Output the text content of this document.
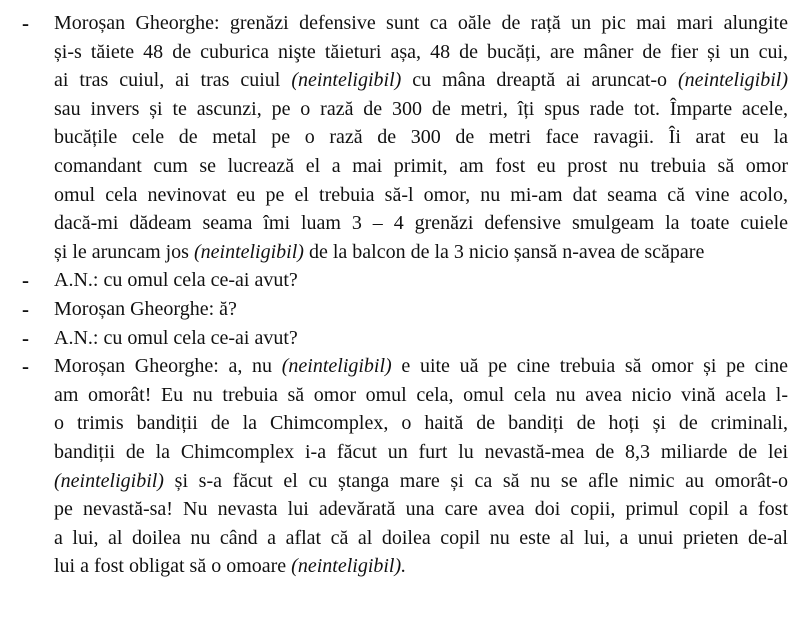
-	Moroșan Gheorghe: grenăzi defensive sunt ca oăle de rață un pic mai mari alungite
și-s tăiete 48 de cuburica nişte tăieturi așa, 48 de bucăți, are mâner de fier și un cui,
ai tras cuiul, ai tras cuiul (neinteligibil) cu mâna dreaptă ai aruncat-o (neinteligibil)
sau invers și te ascunzi, pe o rază de 300 de metri, îți spus rade tot. Împarte acele,
bucățile cele de metal pe o rază de 300 de metri face ravagii. Îi arat eu la
comandant cum se lucrează el a mai primit, am fost eu prost nu trebuia să omor
omul cela nevinovat eu pe el trebuia să-l omor, nu mi-am dat seama că vine acolo,
dacă-mi dădeam seama îmi luam 3 – 4 grenăzi defensive smulgeam la toate cuiele
și le aruncam jos (neinteligibil) de la balcon de la 3 nicio șansă n-avea de scăpare
-	A.N.: cu omul cela ce-ai avut?
-	Moroșan Gheorghe: ă?
-	A.N.: cu omul cela ce-ai avut?
-	Moroșan Gheorghe: a, nu (neinteligibil) e uite uă pe cine trebuia să omor și pe cine
am omorât! Eu nu trebuia să omor omul cela, omul cela nu avea nicio vină acela l-
o trimis bandiții de la Chimcomplex, o haită de bandiți de hoți și de criminali,
bandiții de la Chimcomplex i-a făcut un furt lu nevastă-mea de 8,3 miliarde de lei
(neinteligibil) și s-a făcut el cu ștanga mare și ca să nu se afle nimic au omorât-o
pe nevastă-sa! Nu nevasta lui adevărată una care avea doi copii, primul copil a fost
a lui, al doilea nu când a aflat că al doilea copil nu este al lui, a unui prieten de-al
lui a fost obligat să o omoare (neinteligibil).
